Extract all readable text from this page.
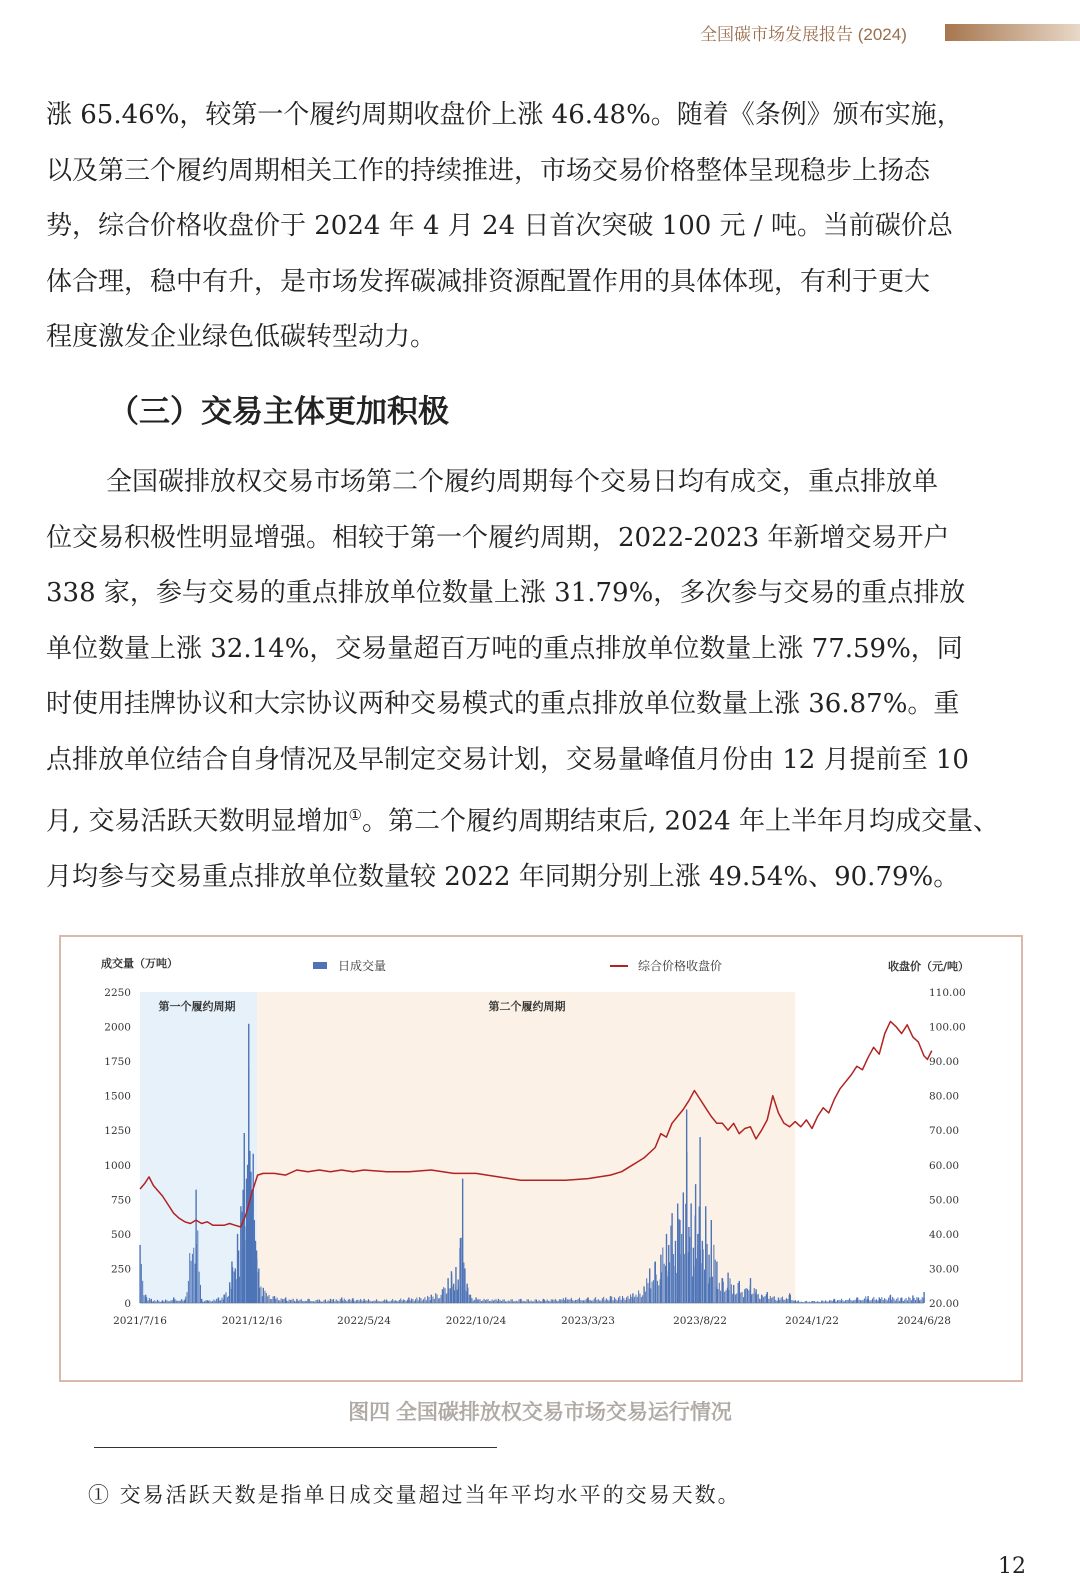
全国碳市场发展报告 (2024)

涨 65.46%，较第一个履约周期收盘价上涨 46.48%。随着《条例》颁布实施，

以及第三个履约周期相关工作的持续推进，市场交易价格整体呈现稳步上扬态

势，综合价格收盘价于 2024 年 4 月 24 日首次突破 100 元 / 吨。当前碳价总

体合理，稳中有升，是市场发挥碳减排资源配置作用的具体体现，有利于更大

程度激发企业绿色低碳转型动力。

（三）交易主体更加积极

全国碳排放权交易市场第二个履约周期每个交易日均有成交，重点排放单

位交易积极性明显增强。相较于第一个履约周期，2022-2023 年新增交易开户

338 家，参与交易的重点排放单位数量上涨 31.79%，多次参与交易的重点排放

单位数量上涨 32.14%，交易量超百万吨的重点排放单位数量上涨 77.59%，同

时使用挂牌协议和大宗协议两种交易模式的重点排放单位数量上涨 36.87%。重

点排放单位结合自身情况及早制定交易计划，交易量峰值月份由 12 月提前至 10

月, 交易活跃天数明显增加①。第二个履约周期结束后, 2024 年上半年月均成交量、

月均参与交易重点排放单位数量较 2022 年同期分别上涨 49.54%、90.79%。

成交量（万吨）	收盘价（元/吨）
日成交量	综合价格收盘价
第一个履约周期	第二个履约周期
0
250
500
750
1000
1250
1500
1750
2000
2250
20.00
30.00
40.00
50.00
60.00
70.00
80.00
90.00
100.00
110.00
2021/7/16	2021/12/16	2022/5/24	2022/10/24	2023/3/23	2023/8/22	2024/1/22	2024/6/28
图四 全国碳排放权交易市场交易运行情况
① 交易活跃天数是指单日成交量超过当年平均水平的交易天数。
12
